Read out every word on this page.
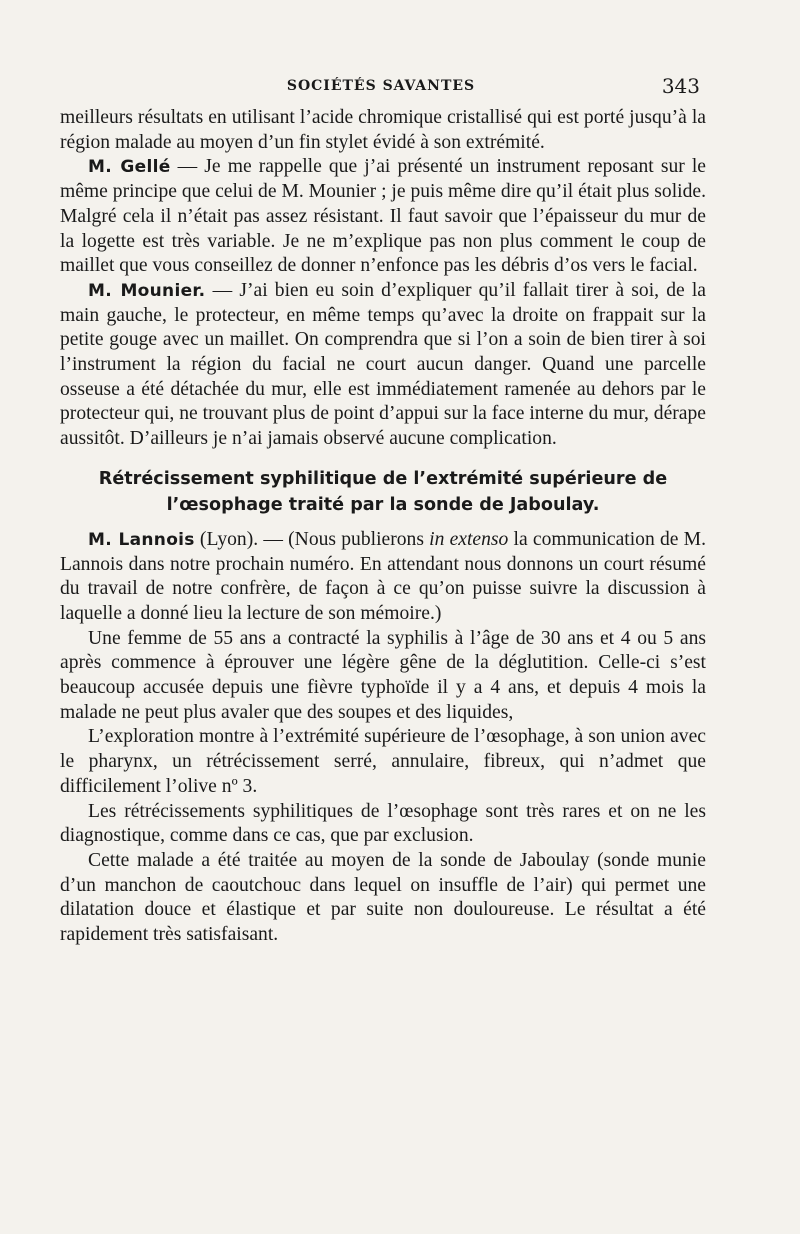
SOCIÉTÉS SAVANTES	343

meilleurs résultats en utilisant l’acide chromique cristallisé qui est porté jusqu’à la région malade au moyen d’un fin stylet évidé à son extrémité.

M. Gellé — Je me rappelle que j’ai présenté un instrument reposant sur le même principe que celui de M. Mounier ; je puis même dire qu’il était plus solide. Malgré cela il n’était pas assez résistant. Il faut savoir que l’épaisseur du mur de la logette est très variable. Je ne m’explique pas non plus comment le coup de maillet que vous conseillez de donner n’enfonce pas les débris d’os vers le facial.

M. Mounier. — J’ai bien eu soin d’expliquer qu’il fallait tirer à soi, de la main gauche, le protecteur, en même temps qu’avec la droite on frappait sur la petite gouge avec un maillet. On comprendra que si l’on a soin de bien tirer à soi l’instrument la région du facial ne court aucun danger. Quand une parcelle osseuse a été détachée du mur, elle est immédiatement ramenée au dehors par le protecteur qui, ne trouvant plus de point d’appui sur la face interne du mur, dérape aussitôt. D’ailleurs je n’ai jamais observé aucune complication.

Rétrécissement syphilitique de l’extrémité supérieure de
l’œsophage traité par la sonde de Jaboulay.

M. Lannois (Lyon). — (Nous publierons in extenso la communication de M. Lannois dans notre prochain numéro. En attendant nous donnons un court résumé du travail de notre confrère, de façon à ce qu’on puisse suivre la discussion à laquelle a donné lieu la lecture de son mémoire.)

Une femme de 55 ans a contracté la syphilis à l’âge de 30 ans et 4 ou 5 ans après commence à éprouver une légère gêne de la déglutition. Celle-ci s’est beaucoup accusée depuis une fièvre typhoïde il y a 4 ans, et depuis 4 mois la malade ne peut plus avaler que des soupes et des liquides,

L’exploration montre à l’extrémité supérieure de l’œsophage, à son union avec le pharynx, un rétrécissement serré, annulaire, fibreux, qui n’admet que difficilement l’olive nº 3.

Les rétrécissements syphilitiques de l’œsophage sont très rares et on ne les diagnostique, comme dans ce cas, que par exclusion.

Cette malade a été traitée au moyen de la sonde de Jaboulay (sonde munie d’un manchon de caoutchouc dans lequel on insuffle de l’air) qui permet une dilatation douce et élastique et par suite non douloureuse. Le résultat a été rapidement très satisfaisant.
